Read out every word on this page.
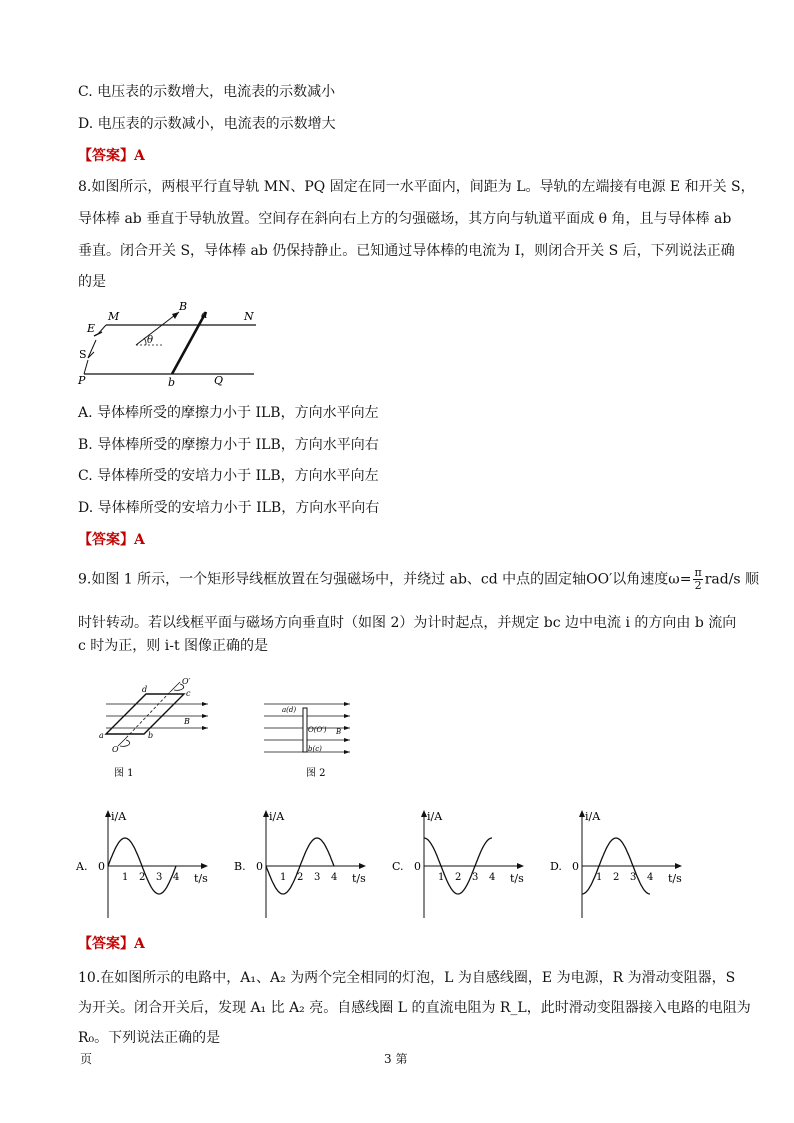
C. 电压表的示数增大，电流表的示数减小
D. 电压表的示数减小，电流表的示数增大
【答案】A
8.如图所示，两根平行直导轨 MN、PQ 固定在同一水平面内，间距为 L。导轨的左端接有电源 E 和开关 S，
导体棒 ab 垂直于导轨放置。空间存在斜向右上方的匀强磁场，其方向与轨道平面成 θ 角，且与导体棒 ab
垂直。闭合开关 S，导体棒 ab 仍保持静止。已知通过导体棒的电流为 I，则闭合开关 S 后，下列说法正确
的是
M	N
P	Q
a
b
B
E
S
θ
A. 导体棒所受的摩擦力小于 ILB，方向水平向左
B. 导体棒所受的摩擦力小于 ILB，方向水平向右
C. 导体棒所受的安培力小于 ILB，方向水平向左
D. 导体棒所受的安培力小于 ILB，方向水平向右
【答案】A
9.如图 1 所示，一个矩形导线框放置在匀强磁场中，并绕过 ab、cd 中点的固定轴OO′以角速度$\omega= \frac{\pi}{2} rad/s$ 顺
时针转动。若以线框平面与磁场方向垂直时（如图 2）为计时起点，并规定 bc 边中电流 i 的方向由 b 流向
c 时为正，则 i-t 图像正确的是
d	c
a	b
B
O′
O
图 1
a(d)
O(O′)
b(c)
B
图 2
A.
i/A
t/s
0
1 2 3 4
B.
i/A
t/s
0
1 2 3 4
C.
i/A
t/s
0
1 2 3 4
D.
i/A
t/s
0
1 2 3 4
【答案】A
10.在如图所示的电路中，A₁、A₂ 为两个完全相同的灯泡，L 为自感线圈，E 为电源，R 为滑动变阻器，S
为开关。闭合开关后，发现 A₁ 比 A₂ 亮。自感线圈 L 的直流电阻为 R_L，此时滑动变阻器接入电路的电阻为
R₀。下列说法正确的是
页	3 第
